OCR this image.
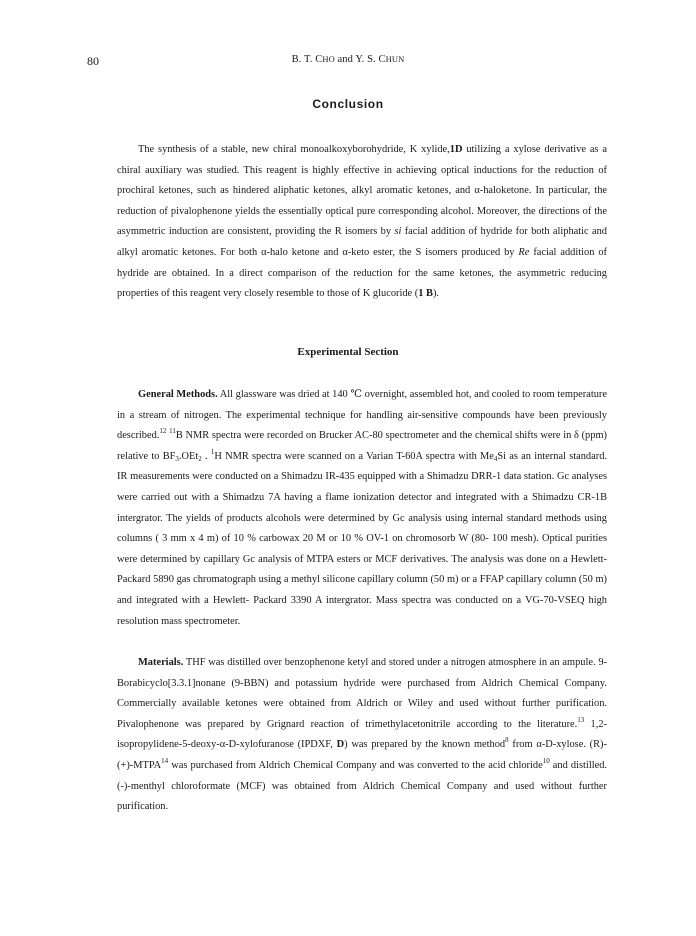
80	B. T. CHO and Y. S. CHUN
Conclusion

The synthesis of a stable, new chiral monoalkoxyborohydride, K xylide,1D utilizing a xylose derivative as a chiral auxiliary was studied. This reagent is highly effective in achieving optical inductions for the reduction of prochiral ketones, such as hindered aliphatic ketones, alkyl aromatic ketones, and α-haloketone. In particular, the reduction of pivalophenone yields the essentially optical pure corresponding alcohol. Moreover, the directions of the asymmetric induction are consistent, providing the R isomers by si facial addition of hydride for both aliphatic and alkyl aromatic ketones. For both α-halo ketone and α-keto ester, the S isomers produced by Re facial addition of hydride are obtained. In a direct comparison of the reduction for the same ketones, the asymmetric reducing properties of this reagent very closely resemble to those of K glucoride (1 B).

Experimental Section

General Methods. All glassware was dried at 140 ℃ overnight, assembled hot, and cooled to room temperature in a stream of nitrogen. The experimental technique for handling air-sensitive compounds have been previously described.$^{12}$ $^{11}$B NMR spectra were recorded on Brucker AC-80 spectrometer and the chemical shifts were in δ (ppm) relative to $BF_3.OEt_2$ . $^1$H NMR spectra were scanned on a Varian T-60A spectra with $Me_4Si$ as an internal standard. IR measurements were conducted on a Shimadzu IR-435 equipped with a Shimadzu DRR-1 data station. Gc analyses were carried out with a Shimadzu 7A having a flame ionization detector and integrated with a Shimadzu CR-1B intergrator. The yields of products alcohols were determined by Gc analysis using internal standard methods using columns ( 3 mm x 4 m) of 10 % carbowax 20 M or 10 % OV-1 on chromosorb W (80- 100 mesh). Optical purities were determined by capillary Gc analysis of MTPA esters or MCF derivatives. The analysis was done on a Hewlett- Packard 5890 gas chromatograph using a methyl silicone capillary column (50 m) or a FFAP capillary column (50 m) and integrated with a Hewlett- Packard 3390 A intergrator. Mass spectra was conducted on a VG-70-VSEQ high resolution mass spectrometer.

Materials. THF was distilled over benzophenone ketyl and stored under a nitrogen atmosphere in an ampule. 9-Borabicyclo[3.3.1]nonane (9-BBN) and potassium hydride were purchased from Aldrich Chemical Company. Commercially available ketones were obtained from Aldrich or Wiley and used without further purification. Pivalophenone was prepared by Grignard reaction of trimethylacetonitrile according to the literature.$^{13}$ 1,2-isopropylidene-5-deoxy-α-D-xylofuranose (IPDXF, D) was prepared by the known method$^8$ from α-D-xylose. $(R)-(+)-MTPA^{14}$ was purchased from Aldrich Chemical Company and was converted to the acid chloride$^{10}$ and distilled. (-)-menthyl chloroformate (MCF) was obtained from Aldrich Chemical Company and used without further purification.
